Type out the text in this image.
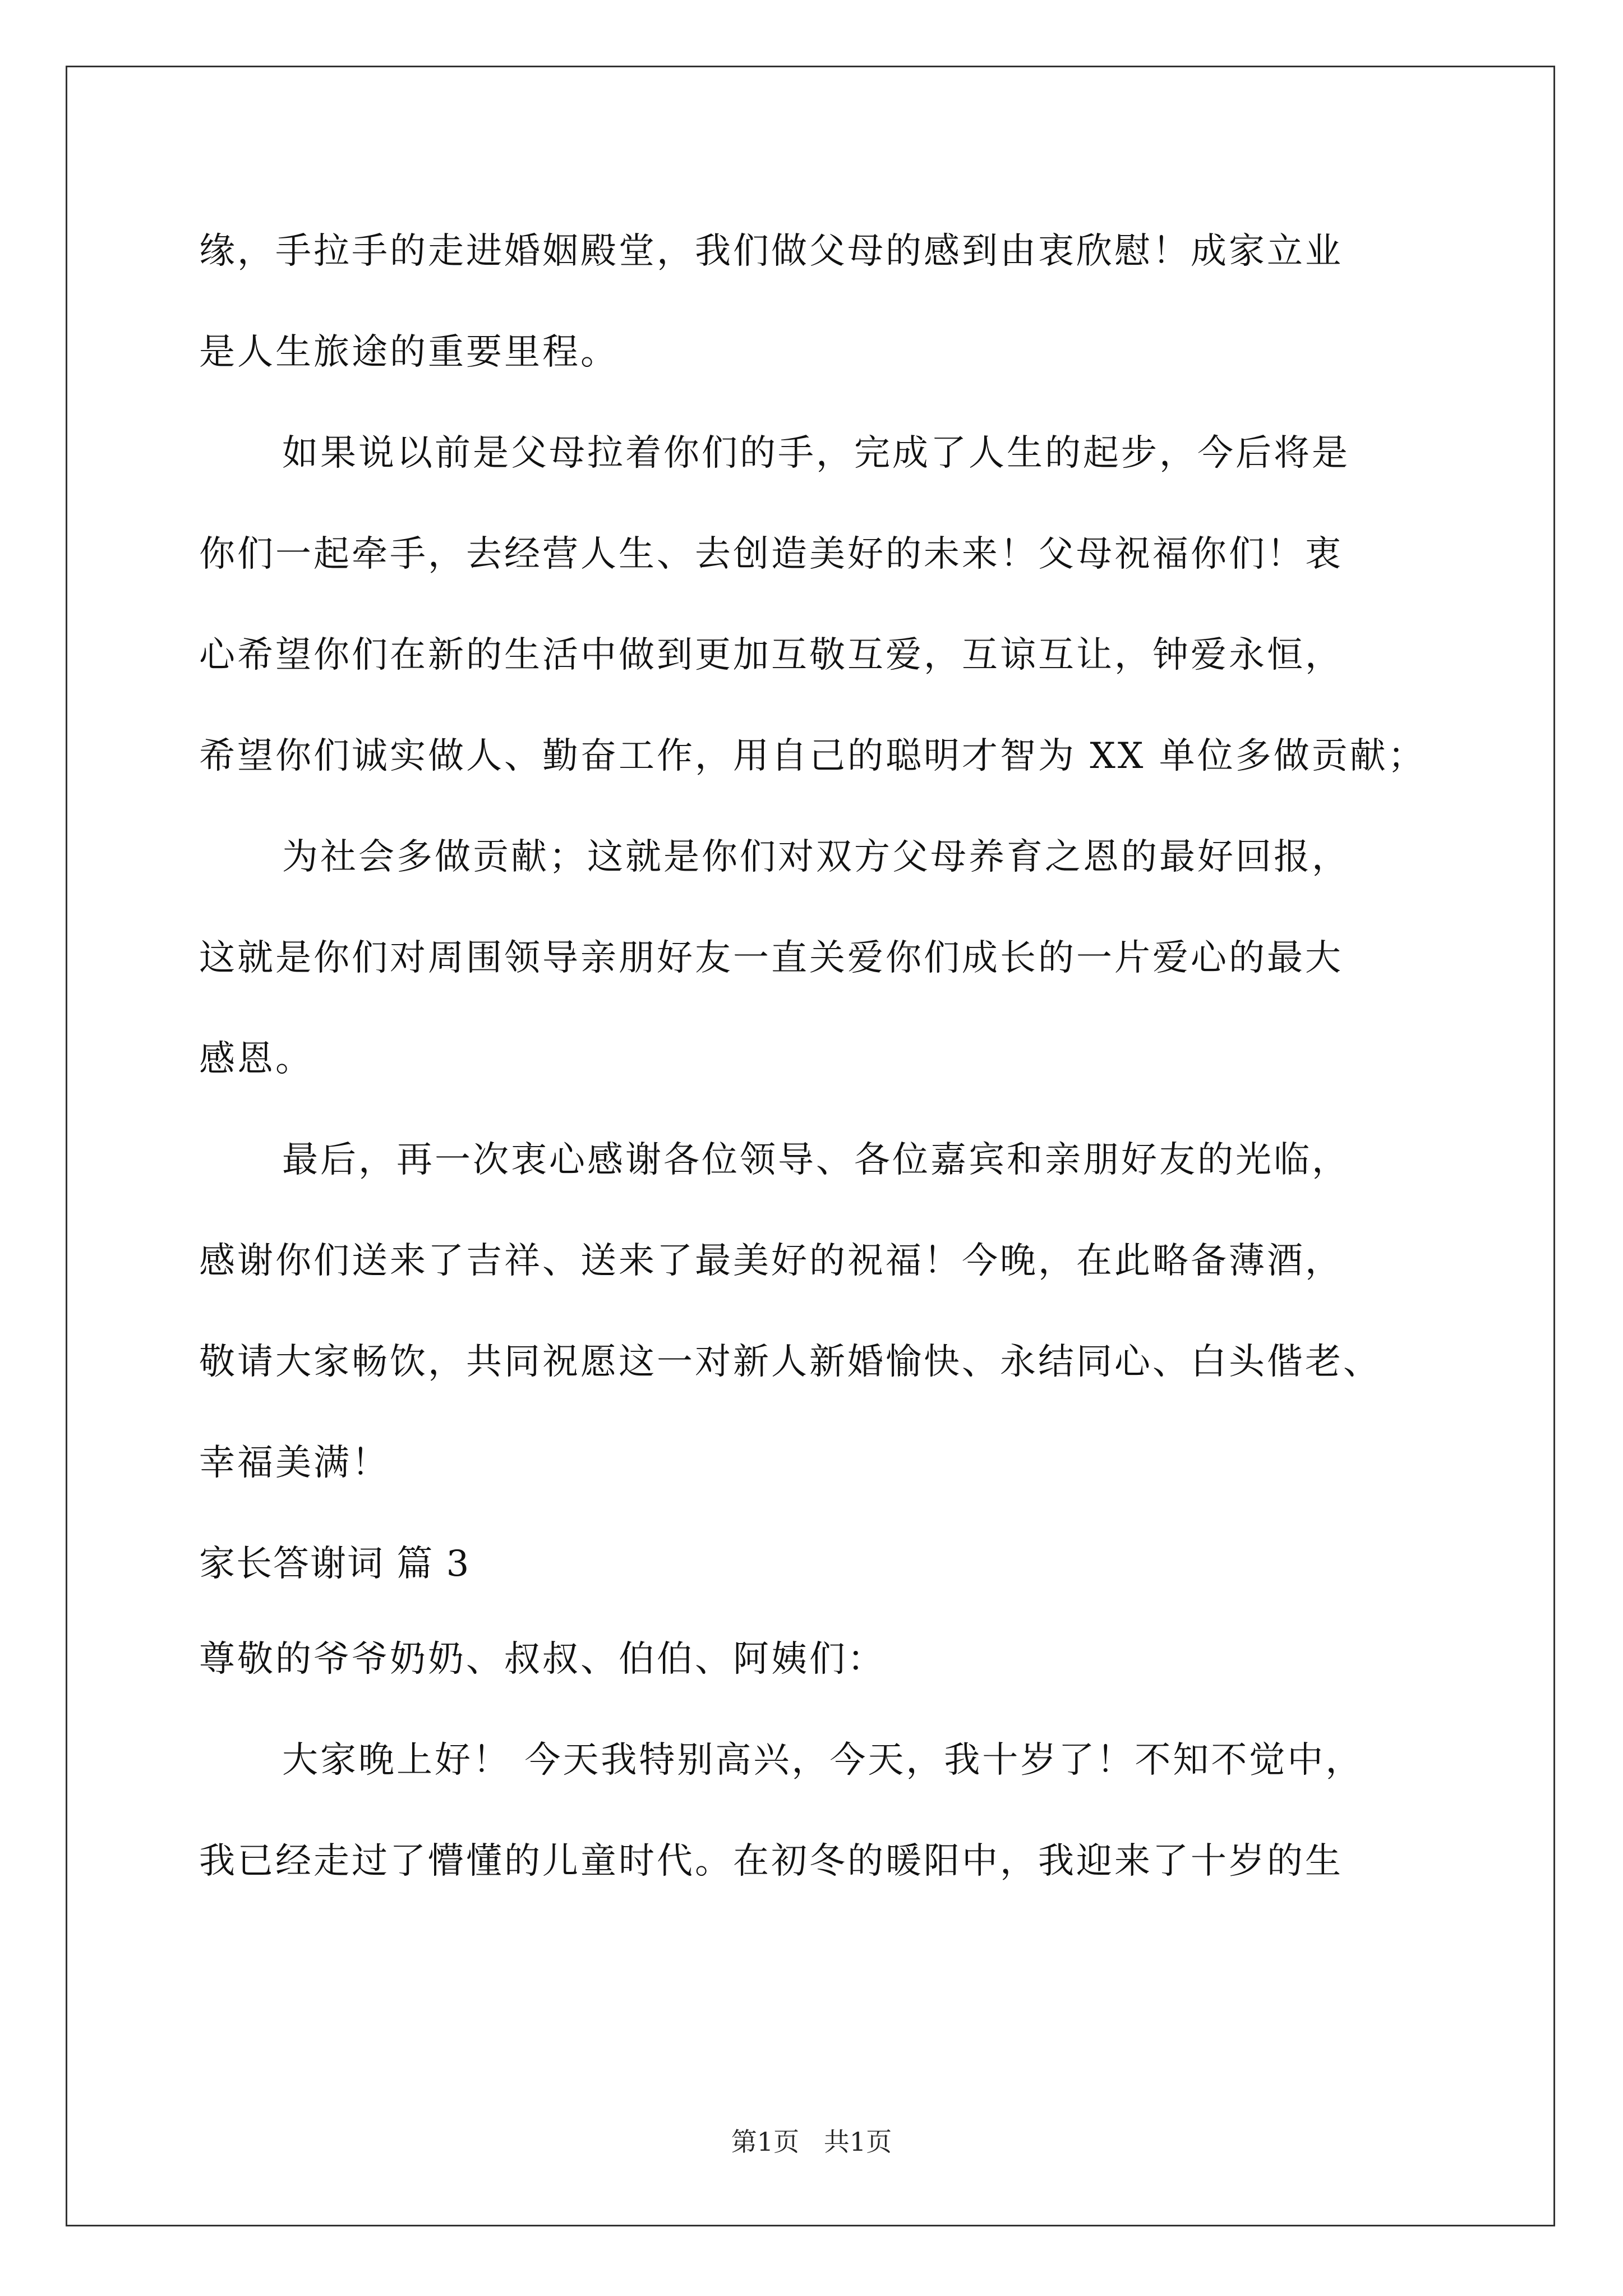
缘，手拉手的走进婚姻殿堂，我们做父母的感到由衷欣慰！成家立业
是人生旅途的重要里程。
如果说以前是父母拉着你们的手，完成了人生的起步，今后将是
你们一起牵手，去经营人生、去创造美好的未来！父母祝福你们！衷
心希望你们在新的生活中做到更加互敬互爱，互谅互让，钟爱永恒，
希望你们诚实做人、勤奋工作，用自己的聪明才智为 XX 单位多做贡献；
为社会多做贡献；这就是你们对双方父母养育之恩的最好回报，
这就是你们对周围领导亲朋好友一直关爱你们成长的一片爱心的最大
感恩。
最后，再一次衷心感谢各位领导、各位嘉宾和亲朋好友的光临，
感谢你们送来了吉祥、送来了最美好的祝福！今晚，在此略备薄酒，
敬请大家畅饮，共同祝愿这一对新人新婚愉快、永结同心、白头偕老、
幸福美满！
家长答谢词 篇 3
尊敬的爷爷奶奶、叔叔、伯伯、阿姨们：
大家晚上好！ 今天我特别高兴，今天，我十岁了！不知不觉中，
我已经走过了懵懂的儿童时代。在初冬的暖阳中，我迎来了十岁的生
第1页   共1页
